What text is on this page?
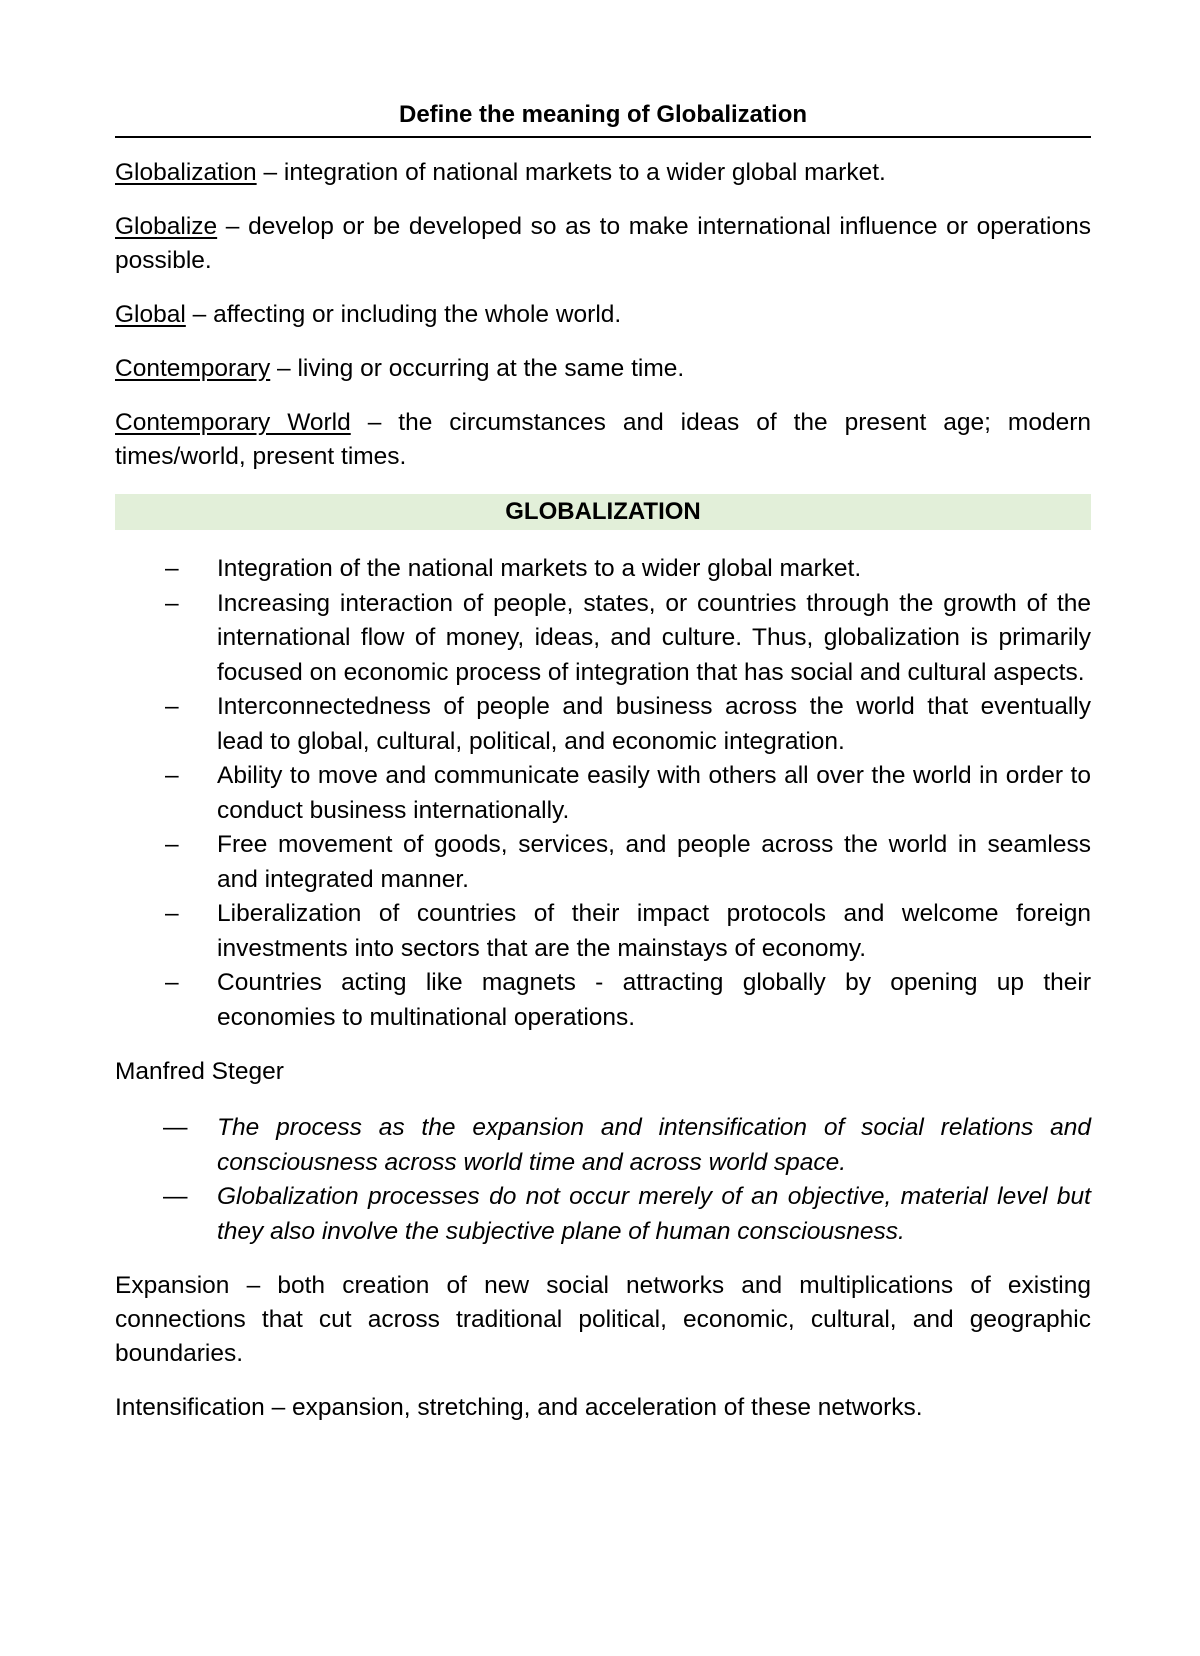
Define the meaning of Globalization

Globalization – integration of national markets to a wider global market.

Globalize – develop or be developed so as to make international influence or operations possible.

Global – affecting or including the whole world.

Contemporary – living or occurring at the same time.

Contemporary World – the circumstances and ideas of the present age; modern times/world, present times.

GLOBALIZATION
– Integration of the national markets to a wider global market.
– Increasing interaction of people, states, or countries through the growth of the international flow of money, ideas, and culture. Thus, globalization is primarily focused on economic process of integration that has social and cultural aspects.
– Interconnectedness of people and business across the world that eventually lead to global, cultural, political, and economic integration.
– Ability to move and communicate easily with others all over the world in order to conduct business internationally.
– Free movement of goods, services, and people across the world in seamless and integrated manner.
– Liberalization of countries of their impact protocols and welcome foreign investments into sectors that are the mainstays of economy.
– Countries acting like magnets - attracting globally by opening up their economies to multinational operations.

Manfred Steger

— The process as the expansion and intensification of social relations and consciousness across world time and across world space.
— Globalization processes do not occur merely of an objective, material level but they also involve the subjective plane of human consciousness.

Expansion – both creation of new social networks and multiplications of existing connections that cut across traditional political, economic, cultural, and geographic boundaries.

Intensification – expansion, stretching, and acceleration of these networks.
